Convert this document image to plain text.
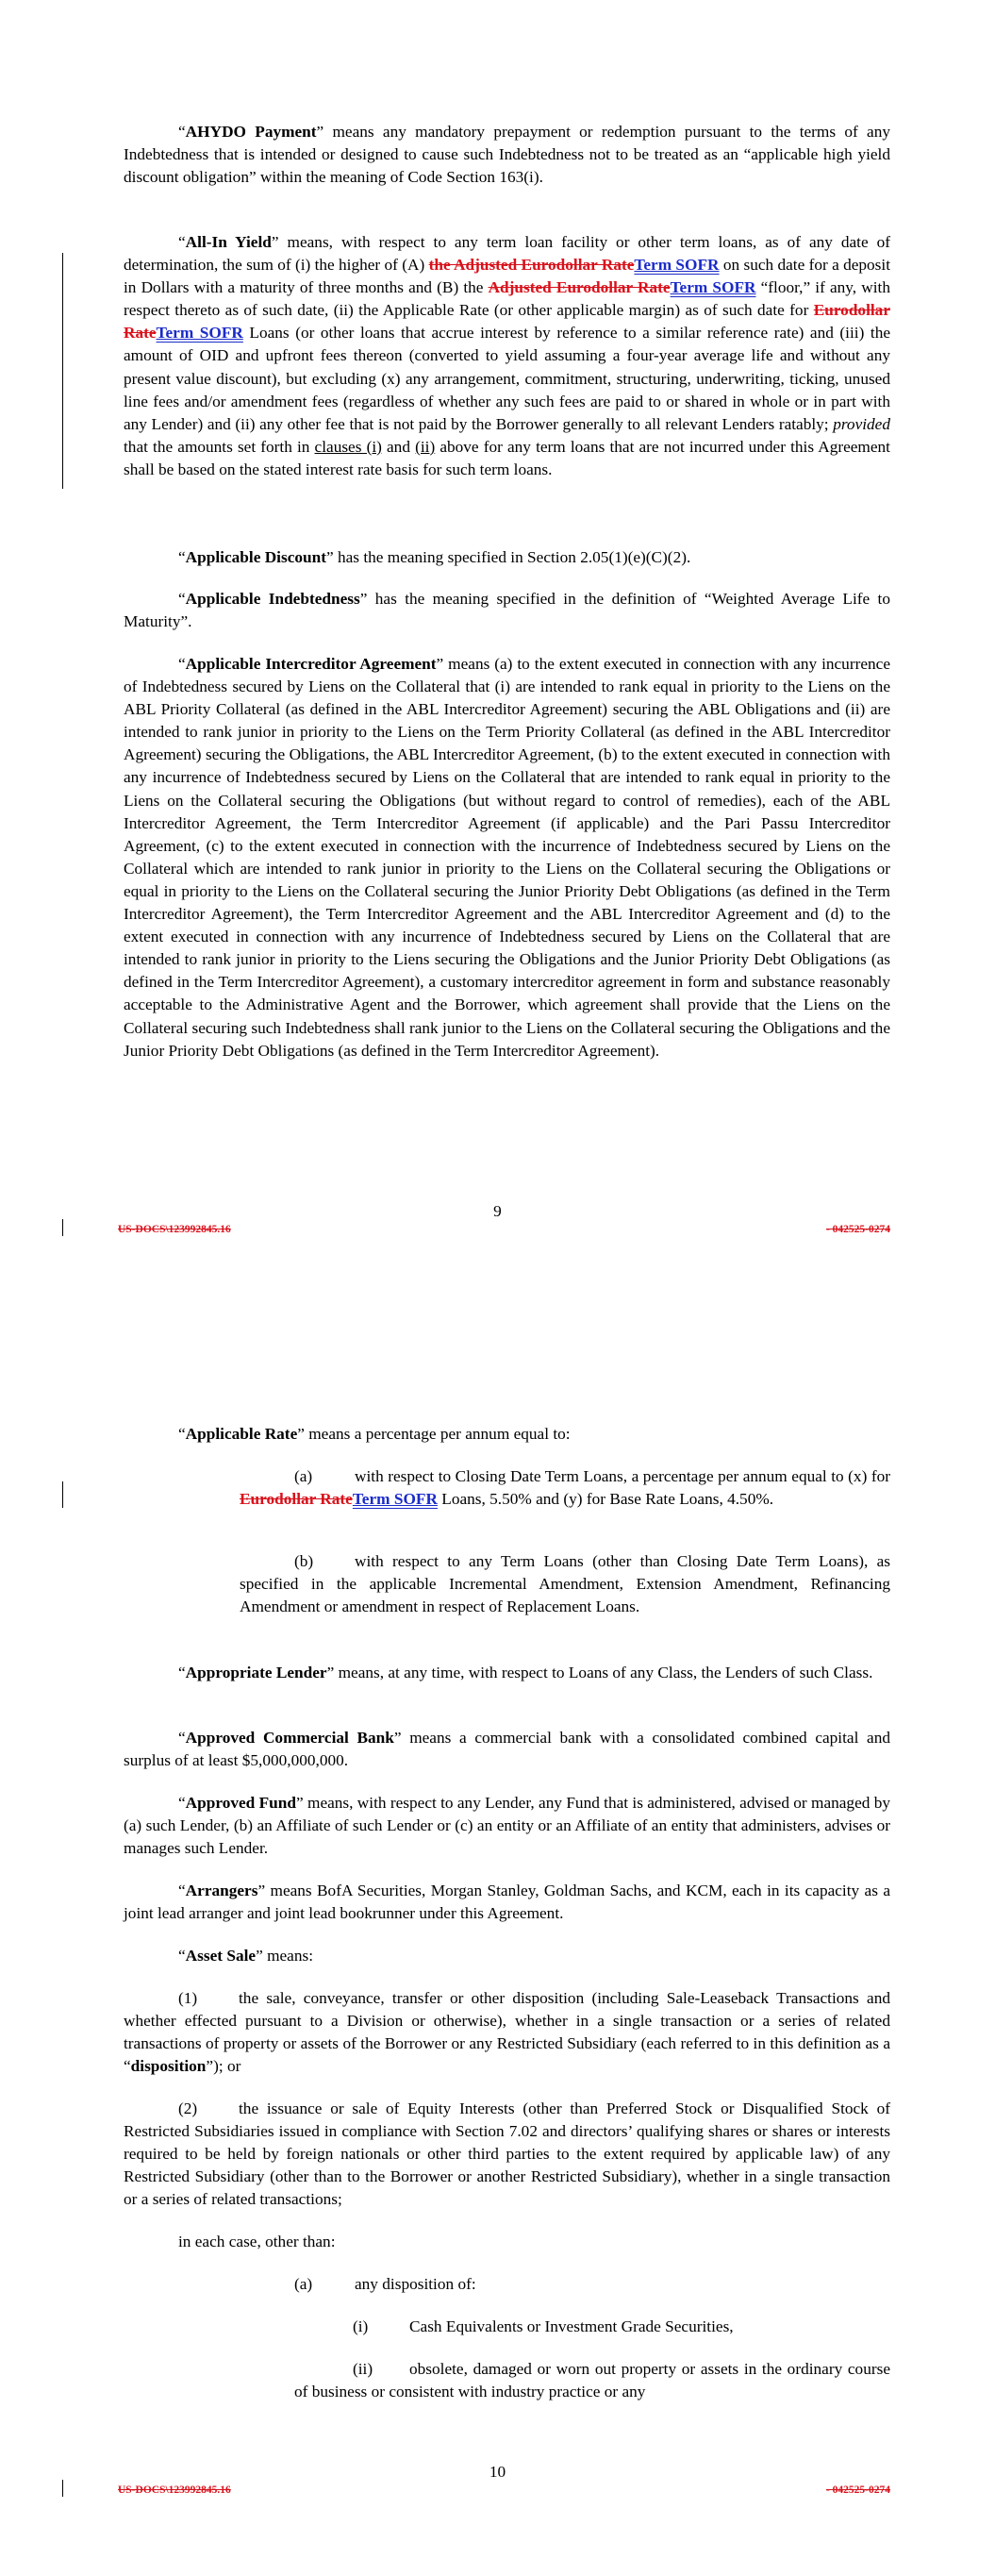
“AHYDO Payment” means any mandatory prepayment or redemption pursuant to the terms of any Indebtedness that is intended or designed to cause such Indebtedness not to be treated as an “applicable high yield discount obligation” within the meaning of Code Section 163(i).

“All-In Yield” means, with respect to any term loan facility or other term loans, as of any date of determination, the sum of (i) the higher of (A) the Adjusted Eurodollar RateTerm SOFR on such date for a deposit in Dollars with a maturity of three months and (B) the Adjusted Eurodollar RateTerm SOFR “floor,” if any, with respect thereto as of such date, (ii) the Applicable Rate (or other applicable margin) as of such date for Eurodollar RateTerm SOFR Loans (or other loans that accrue interest by reference to a similar reference rate) and (iii) the amount of OID and upfront fees thereon (converted to yield assuming a four-year average life and without any present value discount), but excluding (x) any arrangement, commitment, structuring, underwriting, ticking, unused line fees and/or amendment fees (regardless of whether any such fees are paid to or shared in whole or in part with any Lender) and (ii) any other fee that is not paid by the Borrower generally to all relevant Lenders ratably; provided that the amounts set forth in clauses (i) and (ii) above for any term loans that are not incurred under this Agreement shall be based on the stated interest rate basis for such term loans.

“Applicable Discount” has the meaning specified in Section 2.05(1)(e)(C)(2).

“Applicable Indebtedness” has the meaning specified in the definition of “Weighted Average Life to Maturity”.

“Applicable Intercreditor Agreement” means (a) to the extent executed in connection with any incurrence of Indebtedness secured by Liens on the Collateral that (i) are intended to rank equal in priority to the Liens on the ABL Priority Collateral (as defined in the ABL Intercreditor Agreement) securing the ABL Obligations and (ii) are intended to rank junior in priority to the Liens on the Term Priority Collateral (as defined in the ABL Intercreditor Agreement) securing the Obligations, the ABL Intercreditor Agreement, (b) to the extent executed in connection with any incurrence of Indebtedness secured by Liens on the Collateral that are intended to rank equal in priority to the Liens on the Collateral securing the Obligations (but without regard to control of remedies), each of the ABL Intercreditor Agreement, the Term Intercreditor Agreement (if applicable) and the Pari Passu Intercreditor Agreement, (c) to the extent executed in connection with the incurrence of Indebtedness secured by Liens on the Collateral which are intended to rank junior in priority to the Liens on the Collateral securing the Obligations or equal in priority to the Liens on the Collateral securing the Junior Priority Debt Obligations (as defined in the Term Intercreditor Agreement), the Term Intercreditor Agreement and the ABL Intercreditor Agreement and (d) to the extent executed in connection with any incurrence of Indebtedness secured by Liens on the Collateral that are intended to rank junior in priority to the Liens securing the Obligations and the Junior Priority Debt Obligations (as defined in the Term Intercreditor Agreement), a customary intercreditor agreement in form and substance reasonably acceptable to the Administrative Agent and the Borrower, which agreement shall provide that the Liens on the Collateral securing such Indebtedness shall rank junior to the Liens on the Collateral securing the Obligations and the Junior Priority Debt Obligations (as defined in the Term Intercreditor Agreement).

9
US-DOCS\123992845.16	- 042525-0274

“Applicable Rate” means a percentage per annum equal to:

(a)	with respect to Closing Date Term Loans, a percentage per annum equal to (x) for Eurodollar RateTerm SOFR Loans, 5.50% and (y) for Base Rate Loans, 4.50%.

(b)	with respect to any Term Loans (other than Closing Date Term Loans), as specified in the applicable Incremental Amendment, Extension Amendment, Refinancing Amendment or amendment in respect of Replacement Loans.

“Appropriate Lender” means, at any time, with respect to Loans of any Class, the Lenders of such Class.

“Approved Commercial Bank” means a commercial bank with a consolidated combined capital and surplus of at least $5,000,000,000.

“Approved Fund” means, with respect to any Lender, any Fund that is administered, advised or managed by (a) such Lender, (b) an Affiliate of such Lender or (c) an entity or an Affiliate of an entity that administers, advises or manages such Lender.

“Arrangers” means BofA Securities, Morgan Stanley, Goldman Sachs, and KCM, each in its capacity as a joint lead arranger and joint lead bookrunner under this Agreement.

“Asset Sale” means:

(1)	the sale, conveyance, transfer or other disposition (including Sale-Leaseback Transactions and whether effected pursuant to a Division or otherwise), whether in a single transaction or a series of related transactions of property or assets of the Borrower or any Restricted Subsidiary (each referred to in this definition as a “disposition”); or

(2)	the issuance or sale of Equity Interests (other than Preferred Stock or Disqualified Stock of Restricted Subsidiaries issued in compliance with Section 7.02 and directors’ qualifying shares or shares or interests required to be held by foreign nationals or other third parties to the extent required by applicable law) of any Restricted Subsidiary (other than to the Borrower or another Restricted Subsidiary), whether in a single transaction or a series of related transactions;

in each case, other than:

(a)	any disposition of:

(i)	Cash Equivalents or Investment Grade Securities,

(ii) obsolete, damaged or worn out property or assets in the ordinary course of business or consistent with industry practice or any

10
US-DOCS\123992845.16	- 042525-0274
